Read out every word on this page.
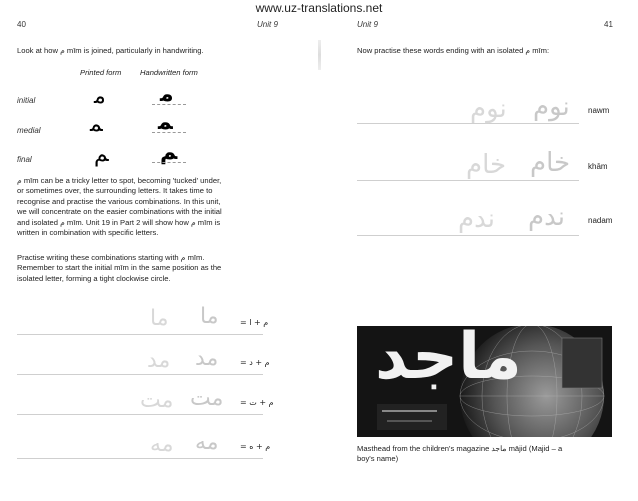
www.uz-translations.net
40	Unit 9
Look at how ﻡ mīm is joined, particularly in handwriting.
Printed form Handwritten form
initial	ﻣ ﻣ
medial ﻤ	ﻤ
final	ﻢ ﻢ
ﻡ mīm can be a tricky letter to spot, becoming 'tucked' under,
or sometimes over, the surrounding letters. It takes time to
recognise and practise the various combinations. In this unit,
we will concentrate on the easier combinations with the initial
and isolated ﻡ mīm. Unit 19 in Part 2 will show how ﻡ mīm is
written in combination with specific letters.
Practise writing these combinations starting with ﻡ mīm.
Remember to start the initial mīm in the same position as the
isolated letter, forming a tight clockwise circle.
ما ما	م + ا =
مد مد	م + د =
مت مت م + ت =
مه مه	م + ه =
Unit 9	41
Now practise these words ending with an isolated ﻡ mīm:
نوم نوم nawm
خام خام khām
ندم ندم	nadam
ماجد
Masthead from the children's magazine ماجد mājid (Majid – a
boy's name)
